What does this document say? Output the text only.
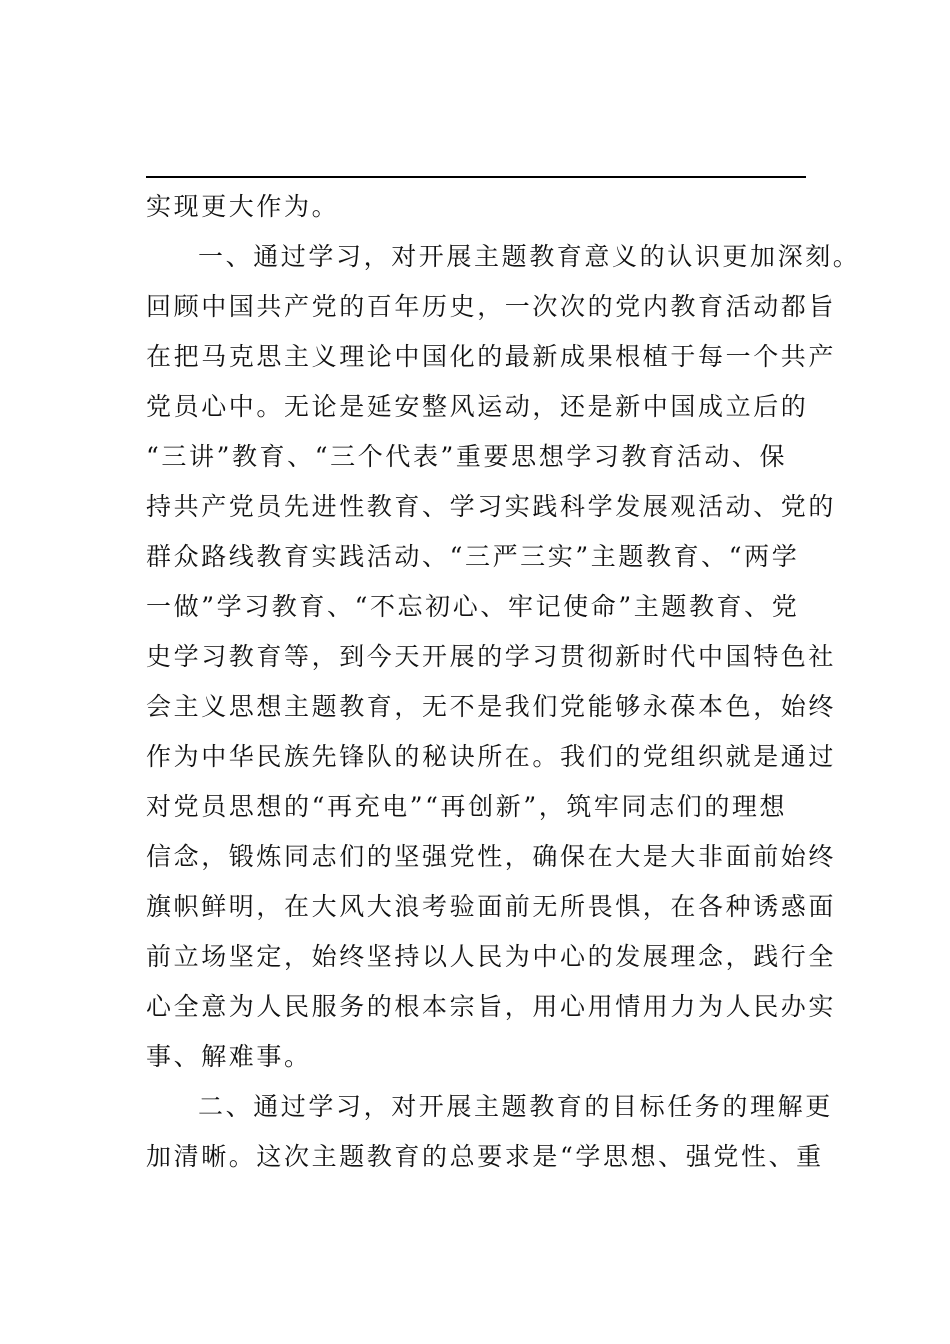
实现更大作为。
一、通过学习，对开展主题教育意义的认识更加深刻。
回顾中国共产党的百年历史，一次次的党内教育活动都旨
在把马克思主义理论中国化的最新成果根植于每一个共产
党员心中。无论是延安整风运动，还是新中国成立后的
“三讲”教育、“三个代表”重要思想学习教育活动、保
持共产党员先进性教育、学习实践科学发展观活动、党的
群众路线教育实践活动、“三严三实”主题教育、“两学
一做”学习教育、“不忘初心、牢记使命”主题教育、党
史学习教育等，到今天开展的学习贯彻新时代中国特色社
会主义思想主题教育，无不是我们党能够永葆本色，始终
作为中华民族先锋队的秘诀所在。我们的党组织就是通过
对党员思想的“再充电”“再创新”，筑牢同志们的理想
信念，锻炼同志们的坚强党性，确保在大是大非面前始终
旗帜鲜明，在大风大浪考验面前无所畏惧，在各种诱惑面
前立场坚定，始终坚持以人民为中心的发展理念，践行全
心全意为人民服务的根本宗旨，用心用情用力为人民办实
事、解难事。
二、通过学习，对开展主题教育的目标任务的理解更
加清晰。这次主题教育的总要求是“学思想、强党性、重
